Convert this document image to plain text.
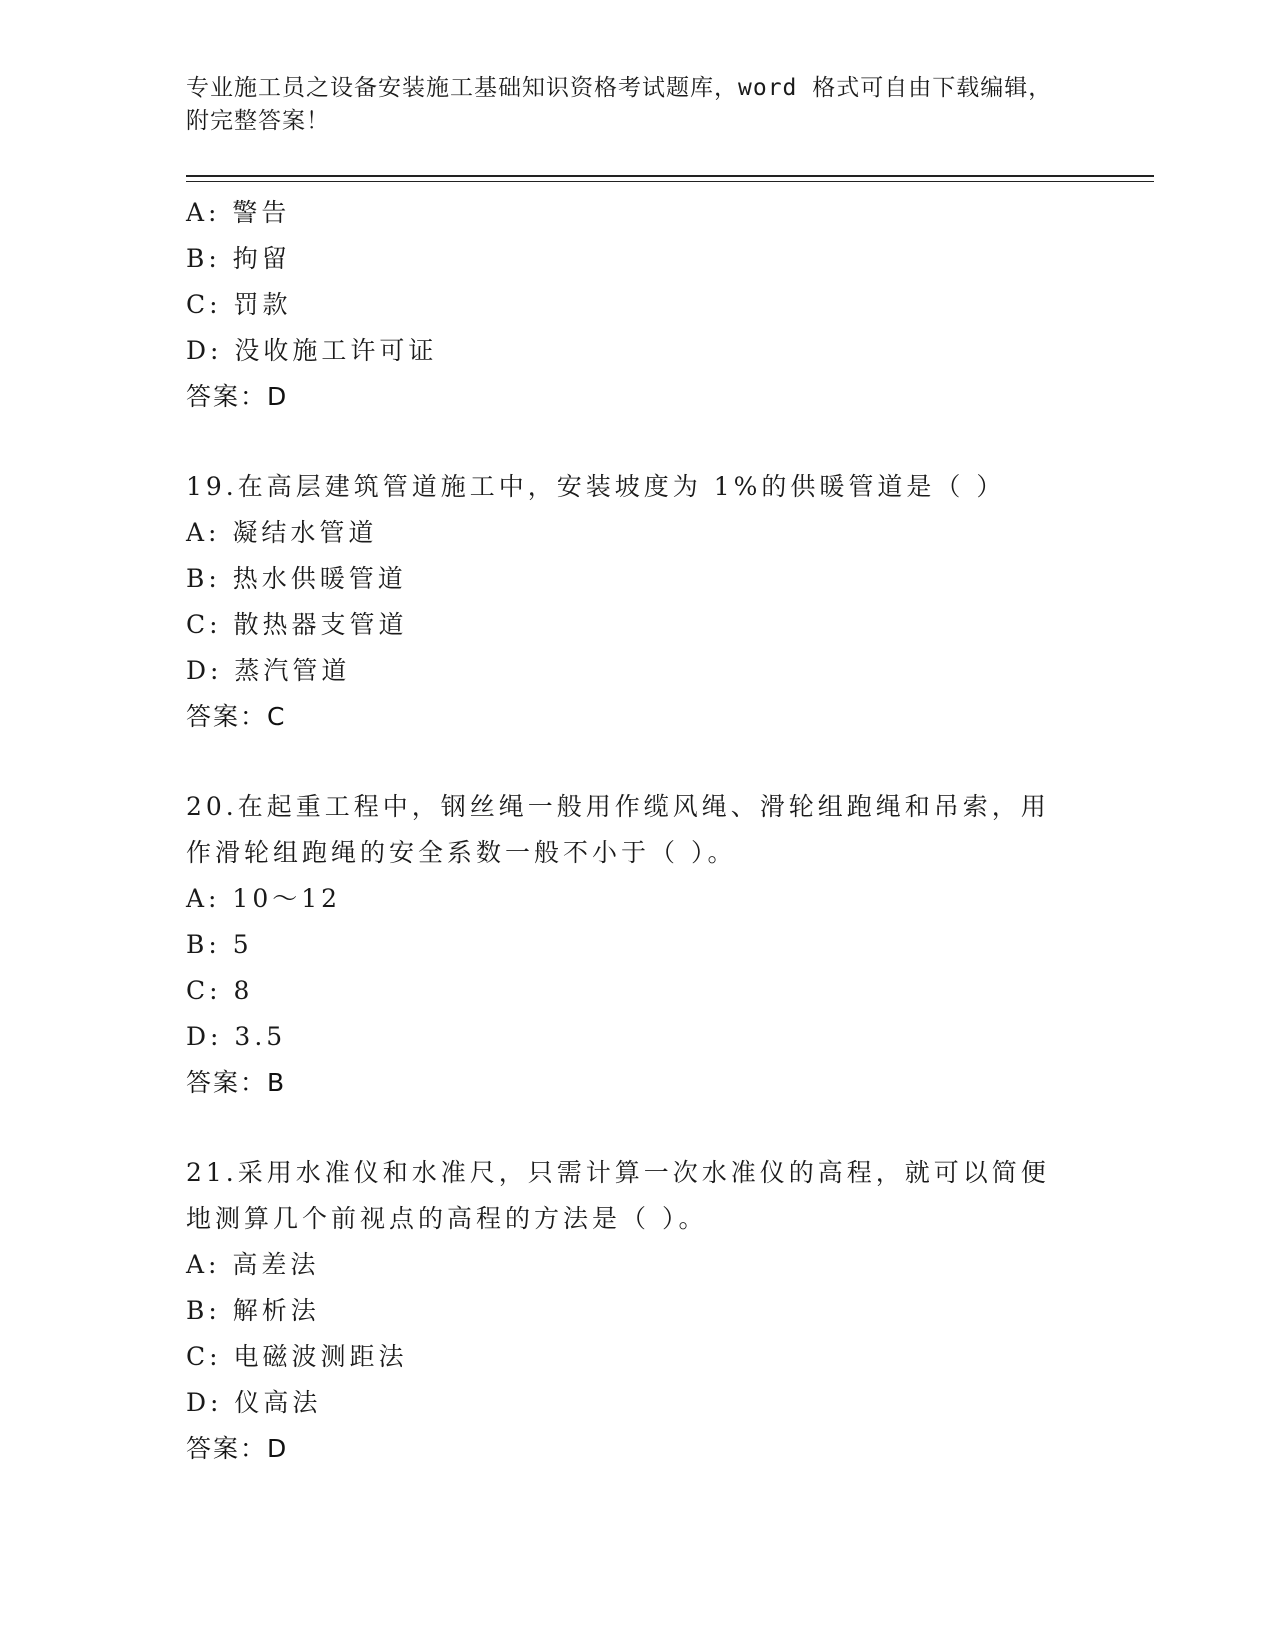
专业施工员之设备安装施工基础知识资格考试题库，word 格式可自由下载编辑，附完整答案！
A: 警告
B: 拘留
C: 罚款
D: 没收施工许可证
答案：D
19.在高层建筑管道施工中，安装坡度为 1%的供暖管道是（ ）
A: 凝结水管道
B: 热水供暖管道
C: 散热器支管道
D: 蒸汽管道
答案：C
20.在起重工程中，钢丝绳一般用作缆风绳、滑轮组跑绳和吊索，用作滑轮组跑绳的安全系数一般不小于（ ）。
A: 10～12
B: 5
C: 8
D: 3.5
答案：B
21.采用水准仪和水准尺，只需计算一次水准仪的高程，就可以简便地测算几个前视点的高程的方法是（ ）。
A: 高差法
B: 解析法
C: 电磁波测距法
D: 仪高法
答案：D
